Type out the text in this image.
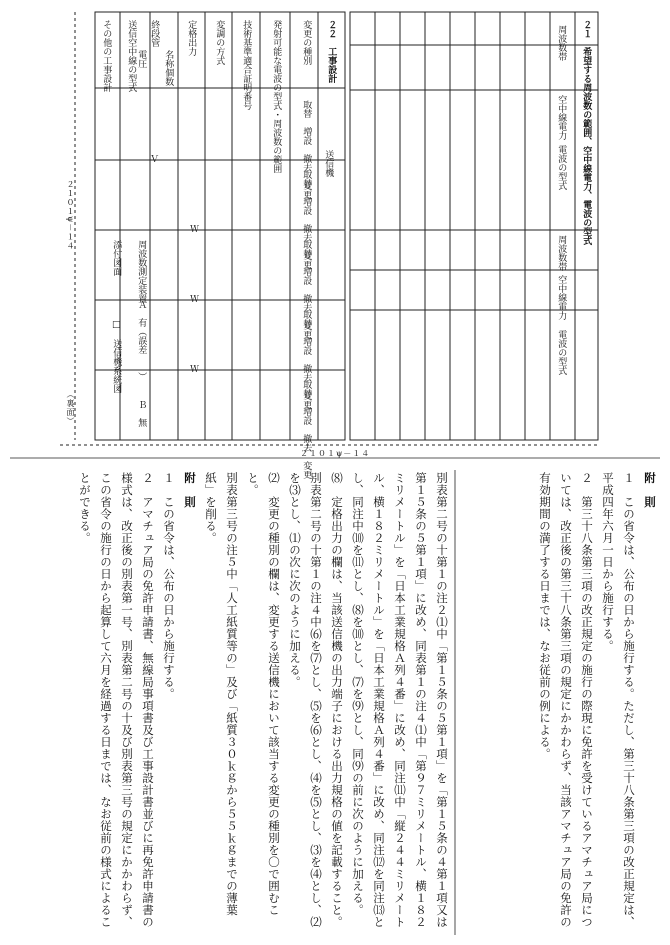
２１　希望する周波数の範囲、空中線電力、電波の型式
周波数帯
空中線電力
電波の型式
周波数帯
空中線電力
電波の型式
２２　工事設計
変更の種別
発射可能な電波の型式・周波数の範囲
技術基準適合証明番号
変調の方式
定格出力
名称個数
終段管
電圧
送信空中線の型式
その他の工事設計
送信機
取替　増設　撤去　変更
取替　増設　撤去　変更
取替　増設　撤去　変更
取替　増設　撤去　変更
取替　増設　撤去　変更
Ｖ
Ｗ
Ｗ
Ｗ
周波数測定装置
添付図面
Ａ　有（誤差　　）
Ｂ　無
□　送信機系統図
２１０１ψ－１４
（裏面）
２１０１ψ－１４

別表第二号の十第１の注２⑴中「第１５条の５第１項」を「第１５条の４第１項又は第１５条の５第１項」に改め、同表第１の注４⑴中「第９７ミリメートル、横１８２ミリメートル」を「日本工業規格Ａ列４番」に改め、同注⑾中「縦２４４ミリメートル、横１８２ミリメートル」を「日本工業規格Ａ列４番」に改め、同注⑿を同注⒀とし、同注中⑽を⑾とし、⑻を⑽とし、⑺を⑼とし、同⑼の前に次のように加える。

⑻　定格出力の欄は、当該送信機の出力端子における出力規格の値を記載すること。

別表第二号の十第１の注４中⑹を⑺とし、⑸を⑹とし、⑷を⑸とし、⑶を⑷とし、⑵を⑶とし、⑴の次に次のように加える。

⑵　変更の種別の欄は、変更する送信機において該当する変更の種別を〇で囲むこと。

別表第三号の注５中「人工紙質等の」及び「紙質３０ｋｇから５５ｋｇまでの薄葉紙」を削る。

附　則

１　この省令は、公布の日から施行する。

２　アマチュア局の免許申請書、無線局事項書及び工事設計書並びに再免許申請書の様式は、改正後の別表第一号、別表第二号の十及び別表第三号の規定にかかわらず、この省令の施行の日から起算して六月を経過する日までは、なお従前の様式によることができる。	附　則

１　この省令は、公布の日から施行する。ただし、第三十八条第三項の改正規定は、平成四年六月一日から施行する。

２　第三十八条第三項の改正規定の施行の際現に免許を受けているアマチュア局については、改正後の第三十八条第三項の規定にかかわらず、当該アマチュア局の免許の有効期間の満了する日までは、なお従前の例による。
